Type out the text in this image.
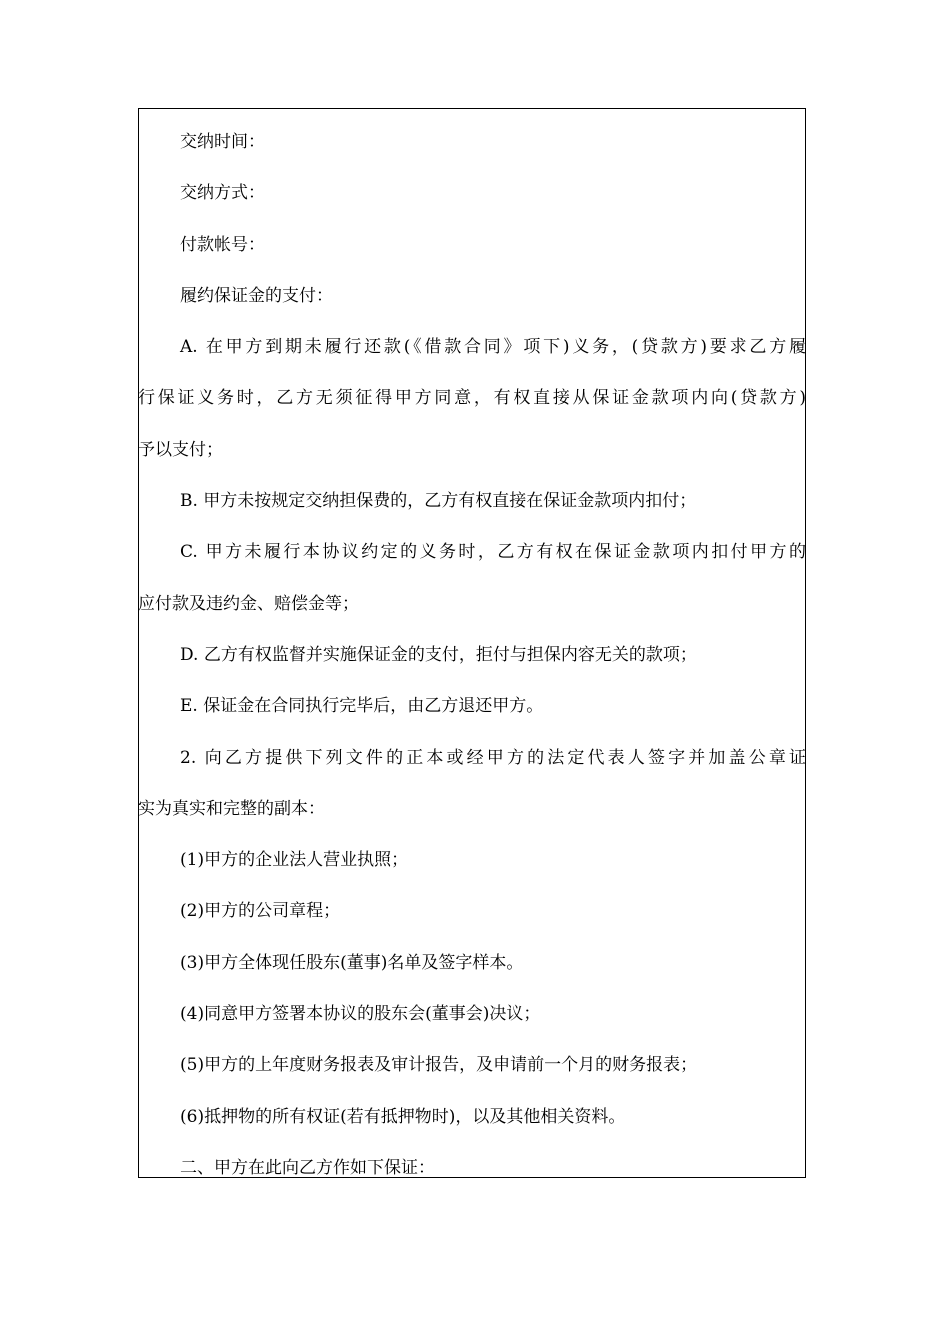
交纳时间：

交纳方式：

付款帐号：

履约保证金的支付：

A. 在甲方到期未履行还款(《借款合同》项下)义务，(贷款方)要求乙方履

行保证义务时，乙方无须征得甲方同意，有权直接从保证金款项内向(贷款方)

予以支付；

B. 甲方未按规定交纳担保费的，乙方有权直接在保证金款项内扣付；

C. 甲方未履行本协议约定的义务时，乙方有权在保证金款项内扣付甲方的

应付款及违约金、赔偿金等；

D. 乙方有权监督并实施保证金的支付，拒付与担保内容无关的款项；

E. 保证金在合同执行完毕后，由乙方退还甲方。

2. 向乙方提供下列文件的正本或经甲方的法定代表人签字并加盖公章证

实为真实和完整的副本：

(1)甲方的企业法人营业执照；

(2)甲方的公司章程；

(3)甲方全体现任股东(董事)名单及签字样本。

(4)同意甲方签署本协议的股东会(董事会)决议；

(5)甲方的上年度财务报表及审计报告，及申请前一个月的财务报表；

(6)抵押物的所有权证(若有抵押物时)，以及其他相关资料。

二、甲方在此向乙方作如下保证：
